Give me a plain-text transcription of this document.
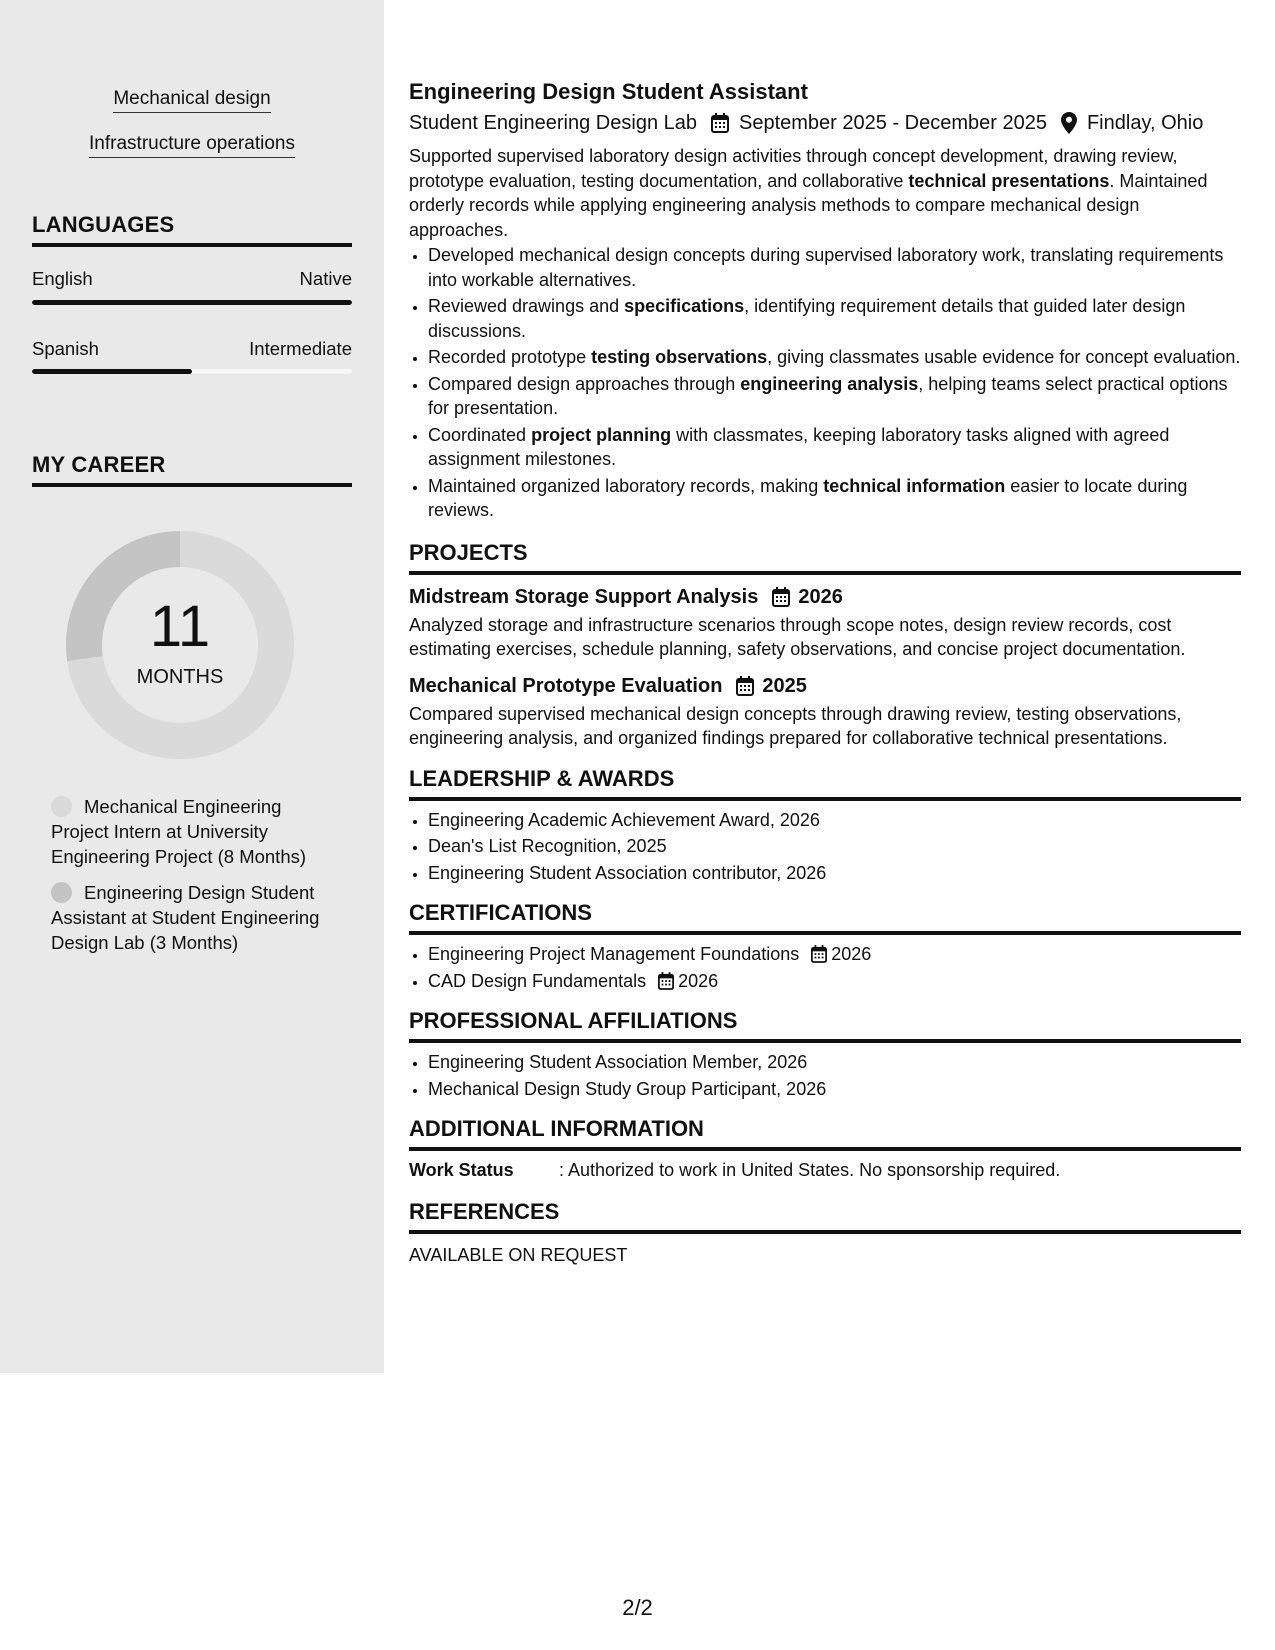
Mechanical design
Infrastructure operations
LANGUAGES
English	Native
Spanish	Intermediate
MY CAREER
11
MONTHS
Mechanical Engineering Project Intern at University Engineering Project (8 Months)
Engineering Design Student Assistant at Student Engineering Design Lab (3 Months)
Engineering Design Student Assistant
Student Engineering Design Lab September 2025 - December 2025 Findlay, Ohio

Supported supervised laboratory design activities through concept development, drawing review, prototype evaluation, testing documentation, and collaborative technical presentations. Maintained orderly records while applying engineering analysis methods to compare mechanical design approaches.

• Developed mechanical design concepts during supervised laboratory work, translating requirements into workable alternatives.
• Reviewed drawings and specifications, identifying requirement details that guided later design discussions.
• Recorded prototype testing observations, giving classmates usable evidence for concept evaluation.
• Compared design approaches through engineering analysis, helping teams select practical options for presentation.
• Coordinated project planning with classmates, keeping laboratory tasks aligned with agreed assignment milestones.
• Maintained organized laboratory records, making technical information easier to locate during reviews.
PROJECTS
Midstream Storage Support Analysis 2026

Analyzed storage and infrastructure scenarios through scope notes, design review records, cost estimating exercises, schedule planning, safety observations, and concise project documentation.

Mechanical Prototype Evaluation 2025

Compared supervised mechanical design concepts through drawing review, testing observations, engineering analysis, and organized findings prepared for collaborative technical presentations.

LEADERSHIP & AWARDS
• Engineering Academic Achievement Award, 2026
• Dean's List Recognition, 2025
• Engineering Student Association contributor, 2026
CERTIFICATIONS
• Engineering Project Management Foundations 2026
• CAD Design Fundamentals 2026
PROFESSIONAL AFFILIATIONS
• Engineering Student Association Member, 2026
• Mechanical Design Study Group Participant, 2026
ADDITIONAL INFORMATION
Work Status	: Authorized to work in United States. No sponsorship required.
REFERENCES

AVAILABLE ON REQUEST

2/2
